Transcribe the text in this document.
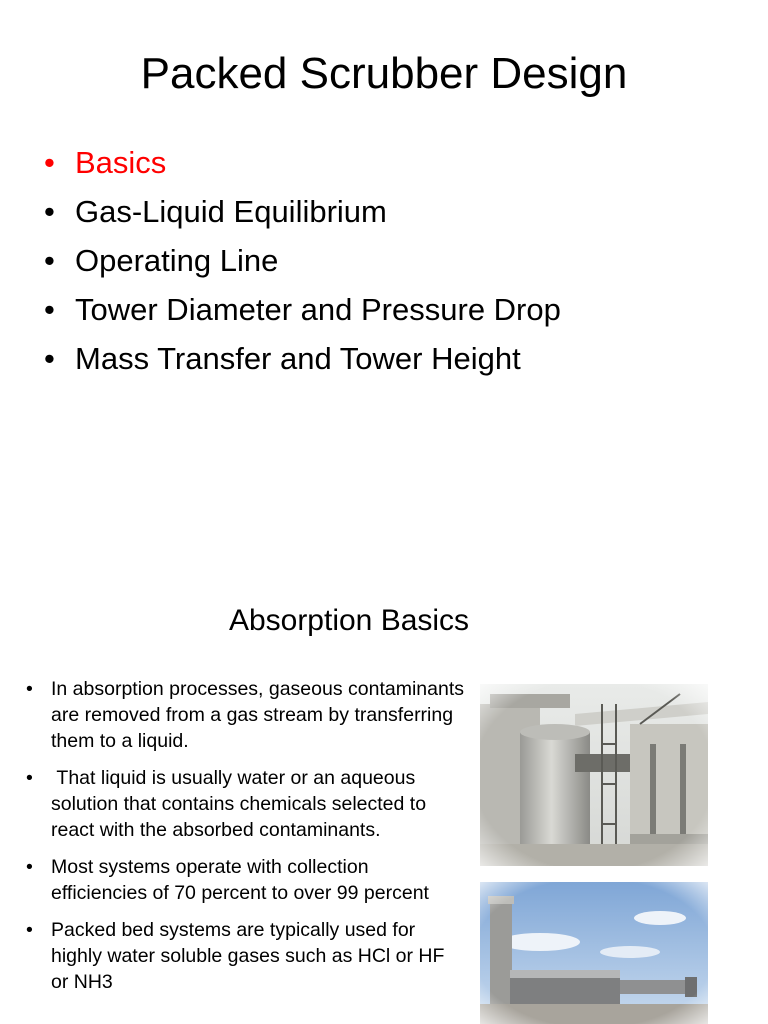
Packed Scrubber Design
• Basics
• Gas-Liquid Equilibrium
• Operating Line
• Tower Diameter and Pressure Drop
• Mass Transfer and Tower Height
Absorption Basics
• In absorption processes, gaseous contaminants are removed from a gas stream by transferring them to a liquid.
• That liquid is usually water or an aqueous solution that contains chemicals selected to react with the absorbed contaminants.
• Most systems operate with collection efficiencies of 70 percent to over 99 percent
• Packed bed systems are typically used for highly water soluble gases such as HCl or HF or NH3
